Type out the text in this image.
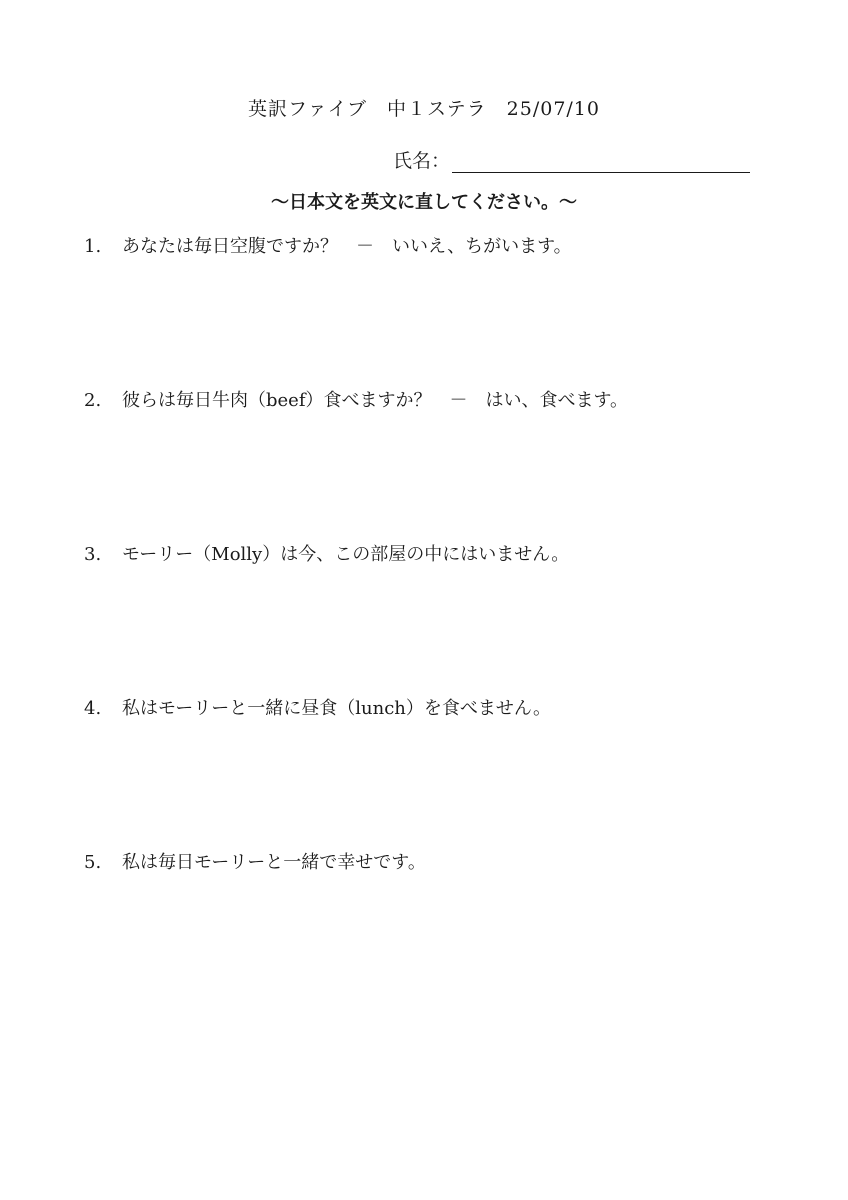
英訳ファイブ　中１ステラ　25/07/10
氏名：
〜日本文を英文に直してください。〜
1. あなたは毎日空腹ですか？　－　いいえ、ちがいます。
2. 彼らは毎日牛肉（beef）食べますか？　－　はい、食べます。
3. モーリー（Molly）は今、この部屋の中にはいません。
4. 私はモーリーと一緒に昼食（lunch）を食べません。
5. 私は毎日モーリーと一緒で幸せです。
